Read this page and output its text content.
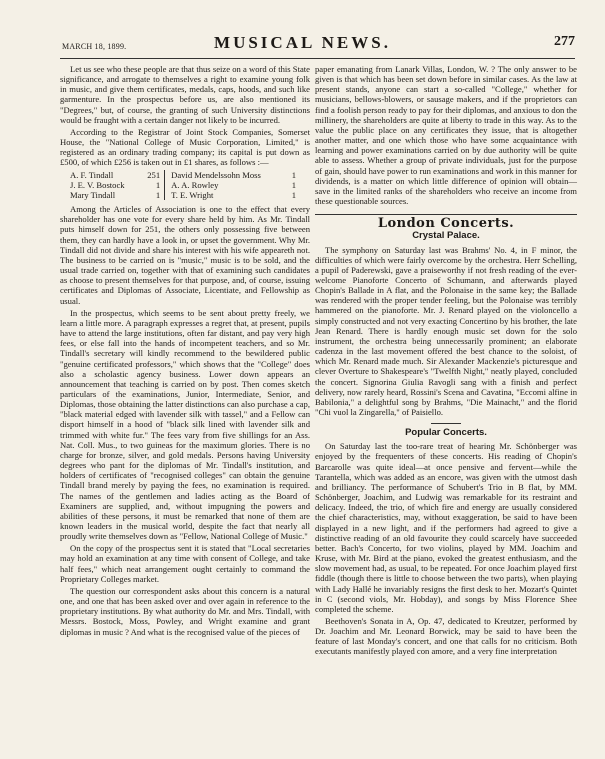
MARCH 18, 1899.	MUSICAL NEWS.	277

Let us see who these people are that thus seize on a word of this State significance, and arrogate to themselves a right to examine young folk in music, and give them certificates, medals, caps, hoods, and such like garmenture. In the prospectus before us, are also mentioned its "Degrees," but, of course, the granting of such University distinctions would be fraught with a certain danger not likely to be incurred.

According to the Registrar of Joint Stock Companies, Somerset House, the "National College of Music Corporation, Limited," is registered as an ordinary trading company; its capital is put down as £500, of which £256 is taken out in £1 shares, as follows :—

A. F. Tindall	251		David Mendelssohn Moss	1
J. E. V. Bostock	1		A. A. Rowley	1
Mary Tindall	1		T. E. Wright	1

Among the Articles of Association is one to the effect that every shareholder has one vote for every share held by him. As Mr. Tindall puts himself down for 251, the others only possessing five between them, they can hardly have a look in, or upset the government. Why Mr. Tindall did not divide and share his interest with his wife appeareth not. The business to be carried on is "music," music is to be sold, and the usual trade carried on, together with that of examining such candidates as choose to present themselves for that purpose, and, of course, issuing certificates and Diplomas of Associate, Licentiate, and Fellowship as usual.

In the prospectus, which seems to be sent about pretty freely, we learn a little more. A paragraph expresses a regret that, at present, pupils have to attend the large institutions, often far distant, and pay very high fees, or else fall into the hands of incompetent teachers, and so Mr. Tindall's secretary will kindly recommend to the bewildered public "genuine certificated professors," which shows that the "College" does also a scholastic agency business. Lower down appears an announcement that teaching is carried on by post. Then comes sketch particulars of the examinations, Junior, Intermediate, Senior, and Diplomas, those obtaining the latter distinctions can also purchase a cap, "black material edged with lavender silk with tassel," and a Fellow can disport himself in a hood of "black silk lined with lavender silk and trimmed with white fur." The fees vary from five shillings for an Ass. Nat. Coll. Mus., to two guineas for the maximum glories. There is no charge for bronze, silver, and gold medals. Persons having University degrees who pant for the diplomas of Mr. Tindall's institution, and holders of certificates of "recognised colleges" can obtain the genuine Tindall brand merely by paying the fees, no examination is required. The names of the gentlemen and ladies acting as the Board of Examiners are supplied, and, without impugning the powers and abilities of these persons, it must be remarked that none of them are known leaders in the musical world, despite the fact that nearly all proudly write themselves down as "Fellow, National College of Music."

On the copy of the prospectus sent it is stated that "Local secretaries may hold an examination at any time with consent of College, and take half fees," which neat arrangement ought certainly to command the Proprietary Colleges market.

The question our correspondent asks about this concern is a natural one, and one that has been asked over and over again in reference to the proprietary institutions. By what authority do Mr. and Mrs. Tindall, with Messrs. Bostock, Moss, Powley, and Wright examine and grant diplomas in music ? And what is the recognised value of the pieces of

paper emanating from Lanark Villas, London, W. ? The only answer to be given is that which has been set down before in similar cases. As the law at present stands, anyone can start a so-called "College," whether for musicians, bellows-blowers, or sausage makers, and if the proprietors can find a foolish person ready to pay for their diplomas, and anxious to don the millinery, the shareholders are quite at liberty to trade in this way. As to the value the public place on any certificates they issue, that is altogether another matter, and one which those who have some acquaintance with learning and power examinations carried on by due authority will be quite able to assess. Whether a group of private individuals, just for the purpose of gain, should have power to run examinations and work in this manner for dividends, is a matter on which little difference of opinion will obtain—save in the limited ranks of the shareholders who receive an income from these questionable sources.

London Concerts.
Crystal Palace.

The symphony on Saturday last was Brahms' No. 4, in F minor, the difficulties of which were fairly overcome by the orchestra. Herr Schelling, a pupil of Paderewski, gave a praiseworthy if not fresh reading of the ever-welcome Pianoforte Concerto of Schumann, and afterwards played Chopin's Ballade in A flat, and the Polonaise in the same key; the Ballade was rendered with the proper tender feeling, but the Polonaise was terribly hammered on the pianoforte. Mr. J. Renard played on the violoncello a simply constructed and not very exacting Concertino by his brother, the late Jean Renard. There is hardly enough music set down for the solo instrument, the orchestra being unnecessarily prominent; an elaborate cadenza in the last movement offered the best chance to the soloist, of which Mr. Renard made much. Sir Alexander Mackenzie's picturesque and clever Overture to Shakespeare's "Twelfth Night," neatly played, concluded the concert. Signorina Giulia Ravogli sang with a finish and perfect delivery, now rarely heard, Rossini's Scena and Cavatina, "Eccomi alfine in Babilonia," a delightful song by Brahms, "Die Mainacht," and the florid "Chi vuol la Zingarella," of Paisiello.

Popular Concerts.

On Saturday last the too-rare treat of hearing Mr. Schönberger was enjoyed by the frequenters of these concerts. His reading of Chopin's Barcarolle was quite ideal—at once pensive and fervent—while the Tarantella, which was added as an encore, was given with the utmost dash and brilliancy. The performance of Schubert's Trio in B flat, by MM. Schönberger, Joachim, and Ludwig was remarkable for its restraint and delicacy. Indeed, the trio, of which fire and energy are usually considered the chief characteristics, may, without exaggeration, be said to have been displayed in a new light, and if the performers had agreed to give a distinctive reading of an old favourite they could scarcely have succeeded better. Bach's Concerto, for two violins, played by MM. Joachim and Kruse, with Mr. Bird at the piano, evoked the greatest enthusiasm, and the slow movement had, as usual, to be repeated. For once Joachim played first fiddle (though there is little to choose between the two parts), when playing with Lady Hallé he invariably resigns the first desk to her. Mozart's Quintet in C (second viols, Mr. Hobday), and songs by Miss Florence Shee completed the scheme.

Beethoven's Sonata in A, Op. 47, dedicated to Kreutzer, performed by Dr. Joachim and Mr. Leonard Borwick, may be said to have been the feature of last Monday's concert, and one that calls for no criticism. Both executants manifestly played con amore, and a very fine interpretation
